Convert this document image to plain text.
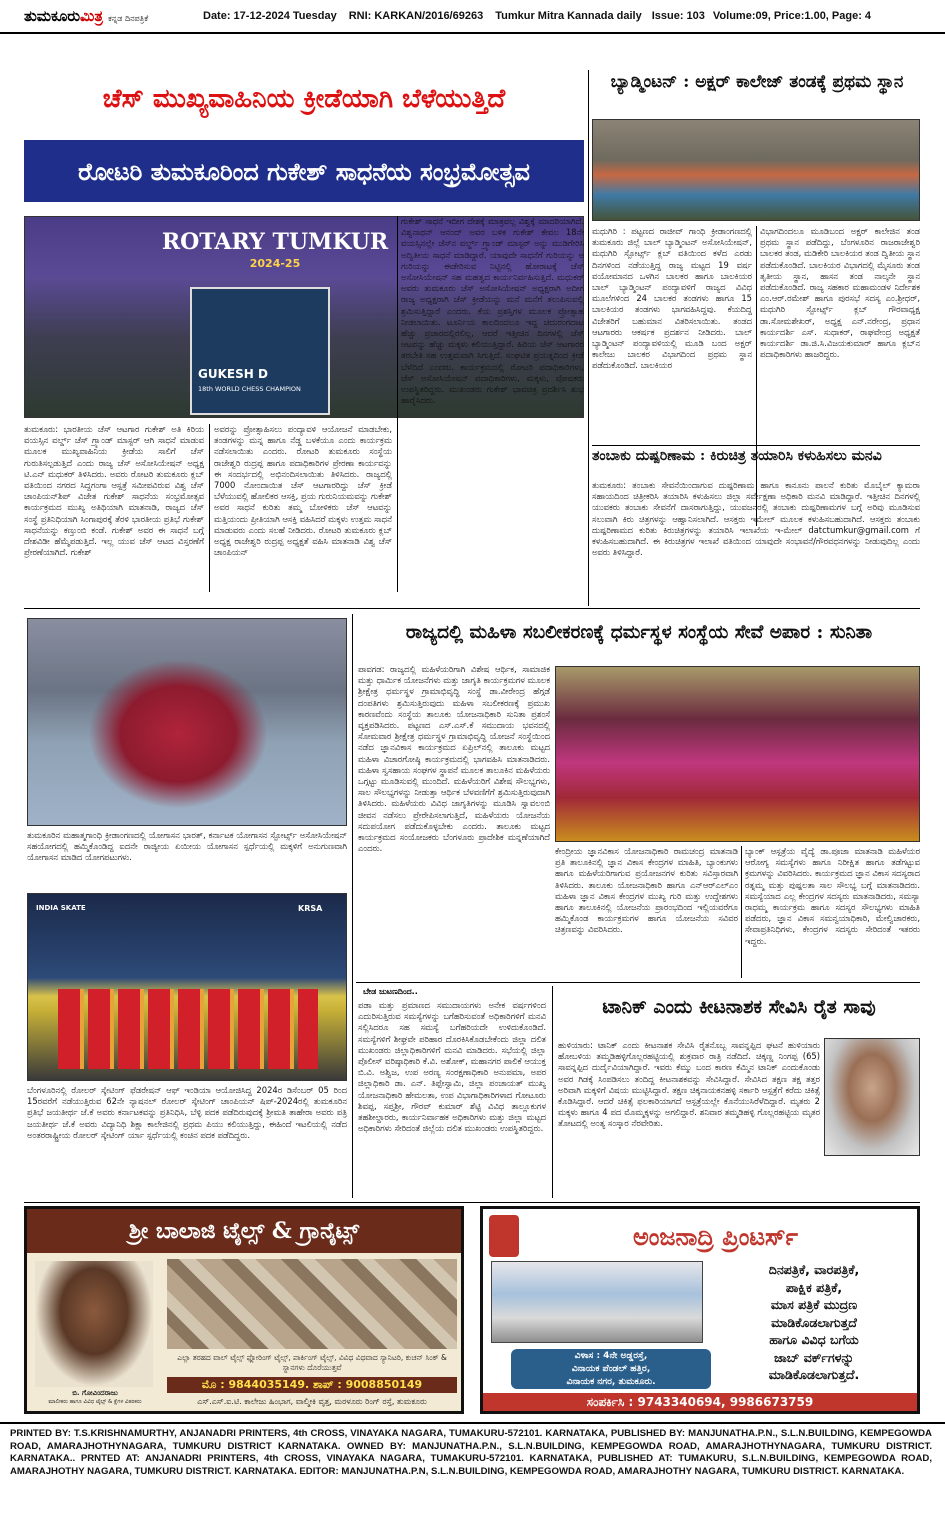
ತುಮಕೂರುಮಿತ್ರ ಕನ್ನಡ ದಿನಪತ್ರಿಕೆ	Date: 17-12-2024 Tuesday RNI: KARKAN/2016/69263 Tumkur Mitra Kannada daily Issue: 103 Volume:09, Price:1.00, Page: 4
ಚೆಸ್ ಮುಖ್ಯವಾಹಿನಿಯ ಕ್ರೀಡೆಯಾಗಿ ಬೆಳೆಯುತ್ತಿದೆ
ರೋಟರಿ ತುಮಕೂರಿಂದ ಗುಕೇಶ್ ಸಾಧನೆಯ ಸಂಭ್ರಮೋತ್ಸವ
ROTARY TUMKUR
2024-25
GUKESH D
18th WORLD CHESS CHAMPION
ತುಮಕೂರು: ಭಾರತೀಯ ಚೆಸ್ ಆಟಗಾರ ಗುಕೇಶ್ ಅತಿ ಕಿರಿಯ ವಯಸ್ಸಿನ ವರ್ಲ್ಡ್ ಚೆಸ್ ಗ್ರ್ಯಾಂಡ್ ಮಾಸ್ಟರ್ ಆಗಿ ಸಾಧನೆ ಮಾಡುವ ಮೂಲಕ ಮುಖ್ಯವಾಹಿನಿಯ ಕ್ರೀಡೆಯ ಸಾಲಿಗೆ ಚೆಸ್ ಗುರುತಿಸಲ್ಪಡುತ್ತಿದೆ ಎಂದು ರಾಜ್ಯ ಚೆಸ್ ಅಸೋಸಿಯೇಷನ್ ಅಧ್ಯಕ್ಷ ಟಿ.ಎನ್ ಮಧುಕರ್ ತಿಳಿಸಿದರು. ಅವರು ರೋಟರಿ ತುಮಕೂರು ಕ್ಲಬ್ ವತಿಯಿಂದ ನಗರದ ಸಿದ್ದಗಂಗಾ ಆಸ್ಪತ್ರೆ ಸಮೀಪವಿರುವ ವಿಶ್ವ ಚೆಸ್ ಚಾಂಪಿಯನ್‌ಶಿಪ್ ವಿಜೇತ ಗುಕೇಶ್ ಸಾಧನೆಯ ಸಂಭ್ರಮೋತ್ಸವ ಕಾರ್ಯಕ್ರಮದ ಮುಖ್ಯ ಅತಿಥಿಯಾಗಿ ಮಾತನಾಡಿ, ರಾಜ್ಯದ ಚೆಸ್ ಸಂಸ್ಥೆ ಪ್ರತಿನಿಧಿಯಾಗಿ ಸಿಂಗಾಪುರಕ್ಕೆ ತೆರಳಿ ಭಾರತೀಯ ಪ್ರತಿಭೆ ಗುಕೇಶ್ ಸಾಧನೆಯನ್ನು ಕಣ್ತುಂಬಿ ಕಂಡೆ. ಗುಕೇಶ್ ಅವರ ಈ ಸಾಧನೆ ಬಗ್ಗೆ ದೇಶವಿಡೀ ಹೆಮ್ಮೆಪಡುತ್ತಿದೆ. ಇಲ್ಲ ಯುವ ಚೆಸ್ ಆಟದ ವಿಸ್ತರಣೆಗೆ ಪ್ರೇರಣೆಯಾಗಿದೆ. ಗುಕೇಶ್
ಅವರನ್ನು ಪ್ರೋತ್ಸಾಹಿಸಲು ಪಂದ್ಯಾವಳಿ ಆಯೋಜನೆ ಮಾಡಬೇಕು, ತಂಡಗಳನ್ನು ಮನ್ನ ಹಾಗೂ ನೆಡ್ಡ ಬಳಕೆಯೂ ಎಂದು ಕಾರ್ಯಕ್ರಮ ನಡೆಸಲಾಯಿತು ಎಂದರು. ರೋಟರಿ ತುಮಕೂರು ಸಂಸ್ಥೆಯ ರಾಜೇಶ್ವರಿ ರುದ್ರಪ್ಪ ಹಾಗೂ ಪದಾಧಿಕಾರಿಗಳ ಪ್ರೇರಣಾ ಕಾರ್ಯವನ್ನು ಈ ಸಂದರ್ಭದಲ್ಲಿ ಅಭಿನಂದಿಸಲಾಯಿತು ತಿಳಿಸಿದರು. ರಾಜ್ಯದಲ್ಲಿ 7000 ನೋಂದಾಯಿತ ಚೆಸ್ ಆಟಗಾರರಿದ್ದು ಚೆಸ್ ಕ್ರೀಡೆ ಬೆಳೆಯುವಲ್ಲಿ ಹೋಲಿಕರ ಆಸಕ್ತಿ, ಪ್ರಯ ಗುರುನಿಯಮವನ್ನು ಗುಕೇಶ್ ಅವರ ಸಾಧನೆ ಕುರಿತು ತಮ್ಮ ಬೋಳಿಕರು ಚೆಸ್ ಆಟವನ್ನು ಮತ್ತಿಯಂದು ಪ್ರೀತಿಯಾಗಿ ಆಸಕ್ತಿ ವಹಿಸಿದರೆ ಮಕ್ಕಳು ಉತ್ತಮ ಸಾಧನೆ ಮಾಡುವರು ಎಂದು ಸಲಹೆ ನೀಡಿದರು. ರೋಟರಿ ತುಮಕೂರು ಕ್ಲಬ್ ಅಧ್ಯಕ್ಷ ರಾಜೇಶ್ವರಿ ರುದ್ರಪ್ಪ ಅಧ್ಯಕ್ಷತೆ ವಹಿಸಿ ಮಾತನಾಡಿ ವಿಶ್ವ ಚೆಸ್ ಚಾಂಪಿಯನ್
ಗುಕೇಶ್ ಸಾಧನೆ ಇದೀಗ ದೇಶಕ್ಕೆ ಮಾತ್ರವಲ್ಲ ವಿಶ್ವಕ್ಕೆ ಮಾದರಿಯಾಗಿದೆ. ವಿಶ್ವನಾಥನ್ ಆನಂದ್ ಅವರ ಬಳಿಕ ಗುಕೇಶ್ ಕೇವಲ 18ನೇ ವಯಸ್ಸಿನಲ್ಲೇ ಚೆಸ್‌ನ ವರ್ಲ್ಡ್ ಗ್ರ್ಯಾಂಡ್ ಮಾಸ್ಟರ್ ಅನ್ನು ಮುಡಿಗೇರಿಸಿ ಅದ್ವಿತೀಯ ಸಾಧನೆ ಮಾಡಿದ್ದಾರೆ. ಯಾವುದೇ ಸಾಧನೆಗೆ ಗುರಿಯನ್ನು ಆ ಗುರಿಯನ್ನು ಈಡೇರಿಸುವ ನಿಟ್ಟಿನಲ್ಲಿ ಹೋರಾಟಕ್ಕೆ ಚೆಸ್ ಅಸೋಸಿಯೇಷನ್ ಸಹ ಮಹತ್ವದ ಕಾರ್ಯನಿರ್ವಹಿಸುತ್ತಿದೆ. ಮಧುಕರ್ ಅವರು ತುಮಕೂರು ಚೆಸ್ ಅಸೋಸಿಯೇಷನ್ ಅಧ್ಯಕ್ಷರಾಗಿ ಅದೀಗ ರಾಜ್ಯ ಅಧ್ಯಕ್ಷರಾಗಿ ಚೆಸ್ ಕ್ರೀಡೆಯನ್ನು ಮನೆ ಮನೆಗೆ ತಲುಪಿಸುವಲ್ಲಿ ಶ್ರಮಿಸುತ್ತಿದ್ದಾರೆ ಎಂದರು. ಕೆಯ ಪ್ರಶಸ್ತಿಗಳ ಮೂಲಕ ಪ್ರೋತ್ಸಾಹ ನೀಡಲಾಯಿತು. ಟೂರ್ನಿಯ ಕಾಲದಿಂದಲೂ ಇದ್ದ ಚದುರಂಗದಾಟ ಹೆಚ್ಚು ಪ್ರಚಾರದಲ್ಲಿರಲಿಲ್ಲ, ಆದರೆ ಇತ್ತೀಚಿನ ದಿನಗಳಲ್ಲಿ ಚೆಸ್ ಆಟವನ್ನು ಹೆಚ್ಚು ಮಕ್ಕಳು ಕಲಿಯುತ್ತಿದ್ದಾರೆ. ಹಿರಿಯ ಚೆಸ್ ಆಟಗಾರರ ತರಬೇತಿ ಸಹ ಉತ್ತಮವಾಗಿ ಸಿಗುತ್ತಿದೆ. ಸಂಘಟಿತ ಪ್ರಯತ್ನದಿಂದ ಕ್ರೀಡೆ ಬೆಳೆದಿದೆ ಎಂದರು. ಕಾರ್ಯಕ್ರಮದಲ್ಲಿ ರೋಟರಿ ಪದಾಧಿಕಾರಿಗಳು, ಚೆಸ್ ಅಸೋಸಿಯೇಷನ್ ಪದಾಧಿಕಾರಿಗಳು, ಮಕ್ಕಳು, ಪೋಷಕರು ಉಪಸ್ಥಿತರಿದ್ದರು. ಮುಖಂಡರು ಗುಕೇಶ್ ಭಾವಚಿತ್ರ ಪ್ರದರ್ಶಿಸಿ ಶುಭ ಹಾರೈಸಿದರು.
ಬ್ಯಾಡ್ಮಿಂಟನ್ : ಅಕ್ಷರ್ ಕಾಲೇಜ್ ತಂಡಕ್ಕೆ ಪ್ರಥಮ ಸ್ಥಾನ
ಮಧುಗಿರಿ : ಪಟ್ಟಣದ ರಾಜೀವ್ ಗಾಂಧಿ ಕ್ರೀಡಾಂಗಣದಲ್ಲಿ ತುಮಕೂರು ಜಿಲ್ಲೆ ಬಾಲ್ ಬ್ಯಾಡ್ಮಿಂಟನ್ ಅಸೋಸಿಯೇಷನ್, ಮಧುಗಿರಿ ಸ್ಪೋರ್ಟ್ಸ್ ಕ್ಲಬ್ ವತಿಯಿಂದ ಕಳೆದ ಎರಡು ದಿನಗಳಿಂದ ನಡೆಯುತ್ತಿದ್ದ ರಾಜ್ಯ ಮಟ್ಟದ 19 ವರ್ಷ ವಯೋಮಾನದ ಒಳಗಿನ ಬಾಲಕರ ಹಾಗೂ ಬಾಲಕಿಯರ ಬಾಲ್ ಬ್ಯಾಡ್ಮಿಂಟನ್ ಪಂದ್ಯಾವಳಿಗೆ ರಾಜ್ಯದ ವಿವಿಧ ಮೂಲೆಗಳಿಂದ 24 ಬಾಲಕರ ತಂಡಗಳು ಹಾಗೂ 15 ಬಾಲಕಿಯರ ತಂಡಗಳು ಭಾಗವಹಿಸಿದ್ದವು. ಕೆಯದಿದ್ದ ವಿಜೇತರಿಗೆ ಬಹುಮಾನ ವಿತರಿಸಲಾಯಿತು. ತಂಡದ ಆಟಗಾರರು ಆಕರ್ಷಕ ಪ್ರದರ್ಶನ ನೀಡಿದರು. ಬಾಲ್ ಬ್ಯಾಡ್ಮಿಂಟನ್ ಪಂದ್ಯಾವಳಿಯಲ್ಲಿ ಮೂಡಿ ಬಂದ ಅಕ್ಷರ್ ಕಾಲೇಜು ಬಾಲಕರ ವಿಭಾಗದಿಂದ ಪ್ರಥಮ ಸ್ಥಾನ ಪಡೆದುಕೊಂಡಿದೆ. ಬಾಲಕಿಯರ
ವಿಭಾಗದಿಂದಲೂ ಮೂಡಿಬಂದ ಅಕ್ಷರ್ ಕಾಲೇಜಿನ ತಂಡ ಪ್ರಥಮ ಸ್ಥಾನ ಪಡೆದಿದ್ದು, ಬೆಂಗಳೂರಿನ ರಾಜರಾಜೇಶ್ವರಿ ಬಾಲಕರ ತಂಡ, ಮಡಿಕೇರಿ ಬಾಲಕಿಯರ ತಂಡ ದ್ವಿತೀಯ ಸ್ಥಾನ ಪಡೆದುಕೊಂಡಿದೆ. ಬಾಲಕಿಯರ ವಿಭಾಗದಲ್ಲಿ ಮೈಸೂರು ತಂಡ ತೃತೀಯ ಸ್ಥಾನ, ಹಾಸನ ತಂಡ ನಾಲ್ಕನೇ ಸ್ಥಾನ ಪಡೆದುಕೊಂಡಿದೆ. ರಾಜ್ಯ ಸಹಕಾರ ಮಹಾಮಂಡಳ ನಿರ್ದೇಶಕ ಎಂ.ಆರ್.ರಮೇಶ್ ಹಾಗೂ ಪುರಸಭೆ ಸದಸ್ಯ ಎಂ.ಶ್ರೀಧರ್, ಮಧುಗಿರಿ ಸ್ಪೋರ್ಟ್ಸ್ ಕ್ಲಬ್ ಗೌರವಾಧ್ಯಕ್ಷ ಡಾ.ಸೋಮಶೇಖರ್, ಅಧ್ಯಕ್ಷ ಎನ್.ನರೇಂದ್ರ, ಪ್ರಧಾನ ಕಾರ್ಯದರ್ಶಿ ಎಸ್. ಸುಧಾಕರ್, ರಾಘವೇಂದ್ರ ಅಧ್ಯಕ್ಷತೆ ಕಾರ್ಯದರ್ಶಿ ಡಾ.ಜಿ.ಸಿ.ವಿಜಯಕುಮಾರ್ ಹಾಗೂ ಕ್ಲಬ್‌ನ ಪದಾಧಿಕಾರಿಗಳು ಹಾಜರಿದ್ದರು.
ತಂಬಾಕು ದುಷ್ಪರಿಣಾಮ : ಕಿರುಚಿತ್ರ ತಯಾರಿಸಿ ಕಳುಹಿಸಲು ಮನವಿ
ತುಮಕೂರು: ತಂಬಾಕು ಸೇವನೆಯಿಂದಾಗುವ ದುಷ್ಪರಿಣಾಮ ಹಾಗೂ ಕಾನೂನು ಪಾಲನೆ ಕುರಿತು ಮೊಬೈಲ್ ಕ್ಯಾಮರಾ ಸಹಾಯದಿಂದ ಚಿತ್ರೀಕರಿಸಿ ತಯಾರಿಸಿ ಕಳುಹಿಸಲು ಜಿಲ್ಲಾ ಸರ್ವೇಕ್ಷಣಾ ಅಧಿಕಾರಿ ಮನವಿ ಮಾಡಿದ್ದಾರೆ. ಇತ್ತೀಚಿನ ದಿನಗಳಲ್ಲಿ ಯುವಕರು ತಂಬಾಕು ಸೇವನೆಗೆ ದಾಸರಾಗುತ್ತಿದ್ದು, ಯುವಜನರಲ್ಲಿ ತಂಬಾಕು ದುಷ್ಪರಿಣಾಮಗಳ ಬಗ್ಗೆ ಅರಿವು ಮೂಡಿಸುವ ಸಲುವಾಗಿ ಕಿರು ಚಿತ್ರಗಳನ್ನು ಆಹ್ವಾನಿಸಲಾಗಿದೆ. ಆಸಕ್ತರು ಇಮೇಲ್ ಮೂಲಕ ಕಳುಹಿಸಬಹುದಾಗಿದೆ. ಆಸಕ್ತರು ತಂಬಾಕು ದುಷ್ಪರಿಣಾಮದ ಕುರಿತು ಕಿರುಚಿತ್ರಗಳನ್ನು ತಯಾರಿಸಿ ಇಲಾಖೆಯ ಇ-ಮೇಲ್ datctumkur@gmail.com ಗೆ ಕಳುಹಿಸಬಹುದಾಗಿದೆ. ಈ ಕಿರುಚಿತ್ರಗಳ ಇಲಾಖೆ ವತಿಯಿಂದ ಯಾವುದೇ ಸಂಭಾವನೆ/ಗೌರವಧನಗಳನ್ನು ನೀಡುವುದಿಲ್ಲ ಎಂದು ಅವರು ತಿಳಿಸಿದ್ದಾರೆ.
ತುಮಕೂರಿನ ಮಹಾತ್ಮಗಾಂಧಿ ಕ್ರೀಡಾಂಗಣದಲ್ಲಿ ಯೋಗಾಸನ ಭಾರತ್, ಕರ್ನಾಟಕ ಯೋಗಾಸನ ಸ್ಪೋರ್ಟ್ಸ್ ಅಸೋಸಿಯೇಷನ್ ಸಹಯೋಗದಲ್ಲಿ ಹಮ್ಮಿಕೊಂಡಿದ್ದ ಐದನೇ ರಾಜ್ಯೀಯ ಏಯೀಯ ಯೋಗಾಸನ ಸ್ಪರ್ಧೆಯಲ್ಲಿ ಮಕ್ಕಳಿಗೆ ಅನುಗುಣವಾಗಿ ಯೋಗಾಸನ ಮಾಡಿದ ಯೋಗಪಟುಗಳು.
INDIA SKATE	KRSA
ಬೆಂಗಳೂರಿನಲ್ಲಿ ರೋಲರ್ ಸ್ಕೇಟಿಂಗ್ ಫೆಡರೇಷನ್ ಆಫ್ ಇಂಡಿಯಾ ಆಯೋಜಿಸಿದ್ದ 2024ರ ಡಿಸೆಂಬರ್ 05 ರಿಂದ 15ರವರೆಗೆ ನಡೆಯುತ್ತಿರುವ 62ನೇ ನ್ಯಾಷನಲ್ ರೋಲರ್ ಸ್ಕೇಟಿಂಗ್ ಚಾಂಪಿಯನ್ ಷಿಪ್-2024ರಲ್ಲಿ ತುಮಕೂರಿನ ಪ್ರತಿಭೆ ಜಯತೀರ್ಥ ಜೆ.ಕೆ ಅವರು ಕರ್ನಾಟಕವನ್ನು ಪ್ರತಿನಿಧಿಸಿ, ಬೆಳ್ಳಿ ಪದಕ ಪಡೆದಿರುವುದಕ್ಕೆ ಶ್ರೀಮತಿ ತಾಹೇರಾ ಅವರು ಪತ್ರಿ ಜಯತೀರ್ಥ ಜೆ.ಕೆ ಅವರು ವಿದ್ಯಾನಿಧಿ ಶಿಕ್ಷಾ ಕಾಲೇಜಿನಲ್ಲಿ ಪ್ರಥಮ ಪಿಯು ಕಲಿಯುತ್ತಿದ್ದು, ಈಹಿಂದೆ ಇಟಲಿಯಲ್ಲಿ ನಡೆದ ಅಂತರರಾಷ್ಟ್ರೀಯ ರೋಲರ್ ಸ್ಕೇಟಿಂಗ್ ರ್ಯಾ ಸ್ಪರ್ಧೆಯಲ್ಲಿ ಕಂಚಿನ ಪದಕ ಪಡೆದಿದ್ದರು.
ರಾಜ್ಯದಲ್ಲಿ ಮಹಿಳಾ ಸಬಲೀಕರಣಕ್ಕೆ ಧರ್ಮಸ್ಥಳ ಸಂಸ್ಥೆಯ ಸೇವೆ ಅಪಾರ : ಸುನಿತಾ
ಪಾವಗಡ: ರಾಜ್ಯದಲ್ಲಿ ಮಹಿಳೆಯರಿಗಾಗಿ ವಿಶೇಷ ಆರ್ಥಿಕ, ಸಾಮಾಜಿಕ ಮತ್ತು ಧಾರ್ಮಿಕ ಯೋಜನೆಗಳು ಮತ್ತು ಜಾಗೃತಿ ಕಾರ್ಯಕ್ರಮಗಳ ಮೂಲಕ ಶ್ರೀಕ್ಷೇತ್ರ ಧರ್ಮಸ್ಥಳ ಗ್ರಾಮಾಭಿವೃದ್ಧಿ ಸಂಸ್ಥೆ ಡಾ.ವೀರೇಂದ್ರ ಹೆಗ್ಗಡೆ ದಂಪತಿಗಳು ಶ್ರಮಿಸುತ್ತಿರುವುದು ಮಹಿಳಾ ಸಬಲೀಕರಣಕ್ಕೆ ಪ್ರಮುಖ ಕಾರಣವೆಂದು ಸಂಸ್ಥೆಯ ತಾಲೂಕು ಯೋಜನಾಧಿಕಾರಿ ಸುನಿತಾ ಪ್ರಶಂಸೆ ವ್ಯಕ್ತಪಡಿಸಿದರು. ಪಟ್ಟಣದ ಎಸ್.ಎಸ್.ಕೆ ಸಮುದಾಯ ಭವನದಲ್ಲಿ ಸೋಮವಾರ ಶ್ರೀಕ್ಷೇತ್ರ ಧರ್ಮಸ್ಥಳ ಗ್ರಾಮಾಭಿವೃದ್ಧಿ ಯೋಜನೆ ಸಂಸ್ಥೆಯಿಂದ ನಡೆದ ಜ್ಞಾನವಿಕಾಸ ಕಾರ್ಯಕ್ರಮದ ಏಪ್ರಿಲ್‌ನಲ್ಲಿ ತಾಲೂಕು ಮಟ್ಟದ ಮಹಿಳಾ ವಿಚಾರಗೋಷ್ಠಿ ಕಾರ್ಯಕ್ರಮದಲ್ಲಿ ಭಾಗವಹಿಸಿ ಮಾತನಾಡಿದರು. ಮಹಿಳಾ ಸ್ವಸಹಾಯ ಸಂಘಗಳ ಸ್ಥಾಪನೆ ಮೂಲಕ ತಾಲೂಕಿನ ಮಹಿಳೆಯರು ಒಗ್ಗಟ್ಟು ಮೂಡಿಸುವಲ್ಲಿ ಮುಂದಿದೆ. ಮಹಿಳೆಯರಿಗೆ ವಿಶೇಷ ಸೌಲಭ್ಯಗಳು, ಸಾಲ ಸೌಲಭ್ಯಗಳನ್ನು ನೀಡುತ್ತಾ ಆರ್ಥಿಕ ಬೆಳವಣಿಗೆಗೆ ಶ್ರಮಿಸುತ್ತಿರುವುದಾಗಿ ತಿಳಿಸಿದರು. ಮಹಿಳೆಯರು ವಿವಿಧ ಜಾಗೃತಿಗಳನ್ನು ಮೂಡಿಸಿ ಸ್ವಾವಲಂಬಿ ಜೀವನ ನಡೆಸಲು ಪ್ರೇರೇಪಿಸಲಾಗುತ್ತಿದೆ, ಮಹಿಳೆಯರು ಯೋಜನೆಯ ಸದುಪಯೋಗ ಪಡೆದುಕೊಳ್ಳಬೇಕು ಎಂದರು. ತಾಲೂಕು ಮಟ್ಟದ ಕಾರ್ಯಕ್ರಮದ ಸಂಯೋಜಕರು ಬೆಂಗಳೂರು ಪ್ರಾದೇಶಿಕ ಮನ್ನಣೆಯಾಗಿದೆ ಎಂದರು.	ಕೇಂದ್ರೀಯ ಜ್ಞಾನವಿಕಾಸ ಯೋಜನಾಧಿಕಾರಿ ರಾಮಚಂದ್ರ ಮಾತನಾಡಿ ಪ್ರತಿ ತಾಲೂಕಿನಲ್ಲಿ ಜ್ಞಾನ ವಿಕಾಸ ಕೇಂದ್ರಗಳ ಮಾಹಿತಿ, ಬ್ಯಾಂಕುಗಳು ಹಾಗೂ ಮಹಿಳೆಯರಿಗಾಗುವ ಪ್ರಯೋಜನಗಳ ಕುರಿತು ಸವಿಸ್ತಾರವಾಗಿ ತಿಳಿಸಿದರು. ತಾಲೂಕು ಯೋಜನಾಧಿಕಾರಿ ಹಾಗೂ ಎನ್‌ಆರ್‌ಎಲ್‌ಎಂ ಮಹಿಳಾ ಜ್ಞಾನ ವಿಕಾಸ ಕೇಂದ್ರಗಳ ಮುಖ್ಯ ಗುರಿ ಮತ್ತು ಉದ್ದೇಶಗಳು ಹಾಗೂ ತಾಲೂಕಿನಲ್ಲಿ ಯೋಜನೆಯ ಪ್ರಾರಂಭದಿಂದ ಇಲ್ಲಿಯವರೆಗೂ ಹಮ್ಮಿಕೊಂಡ ಕಾರ್ಯಕ್ರಮಗಳ ಹಾಗೂ ಯೋಜನೆಯ ಸವಿವರ ಚಿತ್ರಣವನ್ನು ವಿವರಿಸಿದರು.
ಬ್ಯಾಂಕ್ ಆಸ್ಪತ್ರೆಯ ವೈದ್ಯೆ ಡಾ.ಪೂಜಾ ಮಾತನಾಡಿ ಮಹಿಳೆಯರ ಆರೋಗ್ಯ ಸಮಸ್ಯೆಗಳು ಹಾಗೂ ನಿರೀಕ್ಷಿತ ಹಾಗೂ ತಡೆಗಟ್ಟುವ ಕ್ರಮಗಳನ್ನು ವಿವರಿಸಿದರು. ಕಾರ್ಯಕ್ರಮದ ಜ್ಞಾನ ವಿಕಾಸ ಸದಸ್ಯರಾದ ರತ್ನಮ್ಮ ಮತ್ತು ಪುಷ್ಪಲತಾ ಸಾಲ ಸೌಲಭ್ಯ ಬಗ್ಗೆ ಮಾತನಾಡಿದರು. ಸಮಸ್ಯೆಯಾದ ಎಲ್ಲ ಕೇಂದ್ರಗಳ ಸದಸ್ಯರು ಮಾತನಾಡಿದರು, ಸಮಸ್ಯಾ ರಾಧಮ್ಮ ಕಾರ್ಯಕ್ರಮ ಹಾಗೂ ಸದಸ್ಯರ ಸೌಲಭ್ಯಗಳು ಮಾಹಿತಿ ಪಡೆದರು, ಜ್ಞಾನ ವಿಕಾಸ ಸಮನ್ವಯಾಧಿಕಾರಿ, ಮೇಲ್ವಿಚಾರಕರು, ಸೇವಾಪ್ರತಿನಿಧಿಗಳು, ಕೇಂದ್ರಗಳ ಸದಸ್ಯರು ಸೇರಿದಂತೆ ಇತರರು ಇದ್ದರು.
ಬೇಡ ಜುಟಣದಿಂದ..
ಪಡಾ ಮತ್ತು ಪ್ರಮಾಣದ ಸಮುದಾಯಗಳು ಅನೇಕ ವರ್ಷಗಳಿಂದ ಎದುರಿಸುತ್ತಿರುವ ಸಮಸ್ಯೆಗಳನ್ನು ಬಗೆಹರಿಸುವಂತೆ ಅಧಿಕಾರಿಗಳಿಗೆ ಮನವಿ ಸಲ್ಲಿಸಿದರೂ ಸಹ ಸಮಸ್ಯೆ ಬಗೆಹರಿಯದೇ ಉಳಿದುಕೊಂಡಿದೆ. ಸಮಸ್ಯೆಗಳಿಗೆ ಶೀಘ್ರವೇ ಪರಿಹಾರ ದೊರಕಿಸಿಕೊಡಬೇಕೆಂದು ಜಿಲ್ಲಾ ದಲಿತ ಮುಖಂಡರು ಜಿಲ್ಲಾಧಿಕಾರಿಗಳಿಗೆ ಮನವಿ ಮಾಡಿದರು. ಸಭೆಯಲ್ಲಿ ಜಿಲ್ಲಾ ಪೊಲೀಸ್ ವರಿಷ್ಠಾಧಿಕಾರಿ ಕೆ.ವಿ. ಅಶೋಕ್, ಮಹಾನಗರ ಪಾಲಿಕೆ ಆಯುಕ್ತ ಬಿ.ವಿ. ಅಶ್ವಿಜ, ಉಪ ಅರಣ್ಯ ಸಂರಕ್ಷಣಾಧಿಕಾರಿ ಅನುಪಮಾ, ಅಪರ ಜಿಲ್ಲಾಧಿಕಾರಿ ಡಾ. ಎನ್. ತಿಪ್ಪೇಸ್ವಾಮಿ, ಜಿಲ್ಲಾ ಪಂಚಾಯತ್ ಮುಖ್ಯ ಯೋಜನಾಧಿಕಾರಿ ಹೇಮಲತಾ, ಉಪ ವಿಭಾಗಾಧಿಕಾರಿಗಳಾದ ಗೋಟೂರು ಶಿವಪ್ಪ, ಸಪ್ತಶ್ರೀ, ಗೌರವ್ ಕುಮಾರ್ ಶೆಟ್ಟಿ ವಿವಿಧ ತಾಲ್ಲೂಕುಗಳ ತಹಶೀಲ್ದಾರರು, ಕಾರ್ಯನಿರ್ವಾಹಕ ಅಧಿಕಾರಿಗಳು ಮತ್ತು ಜಿಲ್ಲಾ ಮಟ್ಟದ ಅಧಿಕಾರಿಗಳು ಸೇರಿದಂತೆ ಜಿಲ್ಲೆಯ ದಲಿತ ಮುಖಂಡರು ಉಪಸ್ಥಿತರಿದ್ದರು.
ಟಾನಿಕ್ ಎಂದು ಕೀಟನಾಶಕ ಸೇವಿಸಿ ರೈತ ಸಾವು
ಹುಳಿಯಾರು: ಟಾನಿಕ್ ಎಂದು ಕೀಟನಾಶಕ ಸೇವಿಸಿ ರೈತನೊಬ್ಬ ಸಾವನ್ನಪ್ಪಿದ ಘಟನೆ ಹುಳಿಯಾರು ಹೋಬಳಿಯ ತಮ್ಮಡಿಹಳ್ಳಿಗೊಲ್ಲರಹಟ್ಟಿಯಲ್ಲಿ ಶುಕ್ರವಾರ ರಾತ್ರಿ ನಡೆದಿದೆ. ಚಿಕ್ಕಣ್ಣ ನಿಂಗಪ್ಪ (65) ಸಾವನ್ನಪ್ಪಿದ ದುರ್ದೈವಿಯಾಗಿದ್ದಾರೆ. ಇವರು ಕೆಮ್ಮು ಬಂದ ಕಾರಣ ಕೆಮ್ಮಿನ ಟಾನಿಕ್ ಎಂದುಕೊಂಡು ಅವರ ಗಿಡಕ್ಕೆ ಸಿಂಪಡಿಸಲು ತಂದಿದ್ದ ಕೀಟನಾಶಕವನ್ನು ಸೇವಿಸಿದ್ದಾರೆ. ಸೇವಿಸಿದ ತಕ್ಷಣ ತಕ್ಷ ತತ್ತರ ಅರಿವಾಗಿ ಮಕ್ಕಳಿಗೆ ವಿಷಯ ಮುಟ್ಟಿಸಿದ್ದಾರೆ. ತಕ್ಷಣ ಚಿಕ್ಕನಾಯಕನಹಳ್ಳಿ ಸರ್ಕಾರಿ ಆಸ್ಪತ್ರೆಗೆ ಕರೆದು ಚಿಕಿತ್ಸೆ ಕೊಡಿಸಿದ್ದಾರೆ. ಆದರೆ ಚಿಕಿತ್ಸೆ ಫಲಕಾರಿಯಾಗದೆ ಆಸ್ಪತ್ರೆಯಲ್ಲೇ ಕೊನೆಯುಸಿರೆಳೆದಿದ್ದಾರೆ. ಮೃತರು 2 ಮಕ್ಕಳು ಹಾಗೂ 4 ಪದ ಮೊಮ್ಮಕ್ಕಳನ್ನು ಅಗಲಿದ್ದಾರೆ. ಶನಿವಾರ ತಮ್ಮಡಿಹಳ್ಳಿ ಗೊಲ್ಲರಹಟ್ಟಿಯ ಮೃತರ ತೋಟದಲ್ಲಿ ಅಂತ್ಯ ಸಂಸ್ಕಾರ ನೆರವೇರಿತು.
ಶ್ರೀ ಬಾಲಾಜಿ ಟೈಲ್ಸ್ & ಗ್ರಾನೈಟ್ಸ್
ಬಿ. ಗೋವಿಂದರಾಜು
ಮಾಲೀಕರು ಹಾಗೂ ವಿವಿಧ ಟೈಲ್ಸ್ & ಕ್ಲೆಗಳ ವಿತರಕರು
ಎಲ್ಲಾ ತರಹದ ವಾಲ್ ಟೈಲ್ಸ್ ಫ್ಲೋರಿಂಗ್ ಟೈಲ್ಸ್, ಪಾರ್ಕಿಂಗ್ ಟೈಲ್ಸ್, ವಿವಿಧ ವಿಧವಾದ ಸ್ಯಾನಿಟರಿ, ಕುಚನ್ ಸಿಂಕ್ & ಸ್ನಾನಗಳು ದೊರೆಯುತ್ತವೆ
ಮೊ : 9844035149. ಶಾಪ್ : 9008850149
ಎಸ್.ಎಸ್.ಐ.ಟಿ. ಕಾಲೇಜು ಹಿಂಭಾಗ, ವಾಲ್ಮೀಕಿ ವೃತ್ತ, ಮರಳೂರು ರಿಂಗ್ ರಸ್ತೆ, ತುಮಕೂರು
ಅಂಜನಾದ್ರಿ ಪ್ರಿಂಟರ್ಸ್
ವಿಳಾಸ : 4ನೇ ಅಡ್ಡರಸ್ತೆ,
ವಿನಾಯಕ ಪೆಂಡಲ್ ಹತ್ತಿರ,
ವಿನಾಯಕ ನಗರ, ತುಮಕೂರು.
ದಿನಪತ್ರಿಕೆ, ವಾರಪತ್ರಿಕೆ,
ಪಾಕ್ಷಿಕ ಪತ್ರಿಕೆ,
ಮಾಸ ಪತ್ರಿಕೆ ಮುದ್ರಣ
ಮಾಡಿಕೊಡಲಾಗುತ್ತದೆ
ಹಾಗೂ ವಿವಿಧ ಬಗೆಯ
ಜಾಬ್ ವರ್ಕ್‌ಗಳನ್ನು
ಮಾಡಿಕೊಡಲಾಗುತ್ತದೆ.
ಸಂಪರ್ಕಿಸಿ : 9743340694, 9986673759
PRINTED BY: T.S.KRISHNAMURTHY, ANJANADRI PRINTERS, 4th CROSS, VINAYAKA NAGARA, TUMAKURU-572101. KARNATAKA, PUBLISHED BY: MANJUNATHA.P.N., S.L.N.BUILDING, KEMPEGOWDA ROAD, AMARAJHOTHYNAGARA, TUMKURU DISTRICT KARNATAKA. OWNED BY: MANJUNATHA.P.N., S.L.N.BUILDING, KEMPEGOWDA ROAD, AMARAJHOTHYNAGARA, TUMKURU DISTRICT. KARNATAKA.. PRNTED AT: ANJANADRI PRINTERS, 4th CROSS, VINAYAKA NAGARA, TUMAKURU-572101. KARNATAKA, PUBLISHED AT: TUMAKURU, S.L.N.BUILDING, KEMPEGOWDA ROAD, AMARAJHOTHY NAGARA, TUMKURU DISTRICT. KARNATAKA. EDITOR: MANJUNATHA.P.N, S.L.N.BUILDING, KEMPEGOWDA ROAD, AMARAJHOTHY NAGARA, TUMKURU DISTRICT. KARNATAKA.
